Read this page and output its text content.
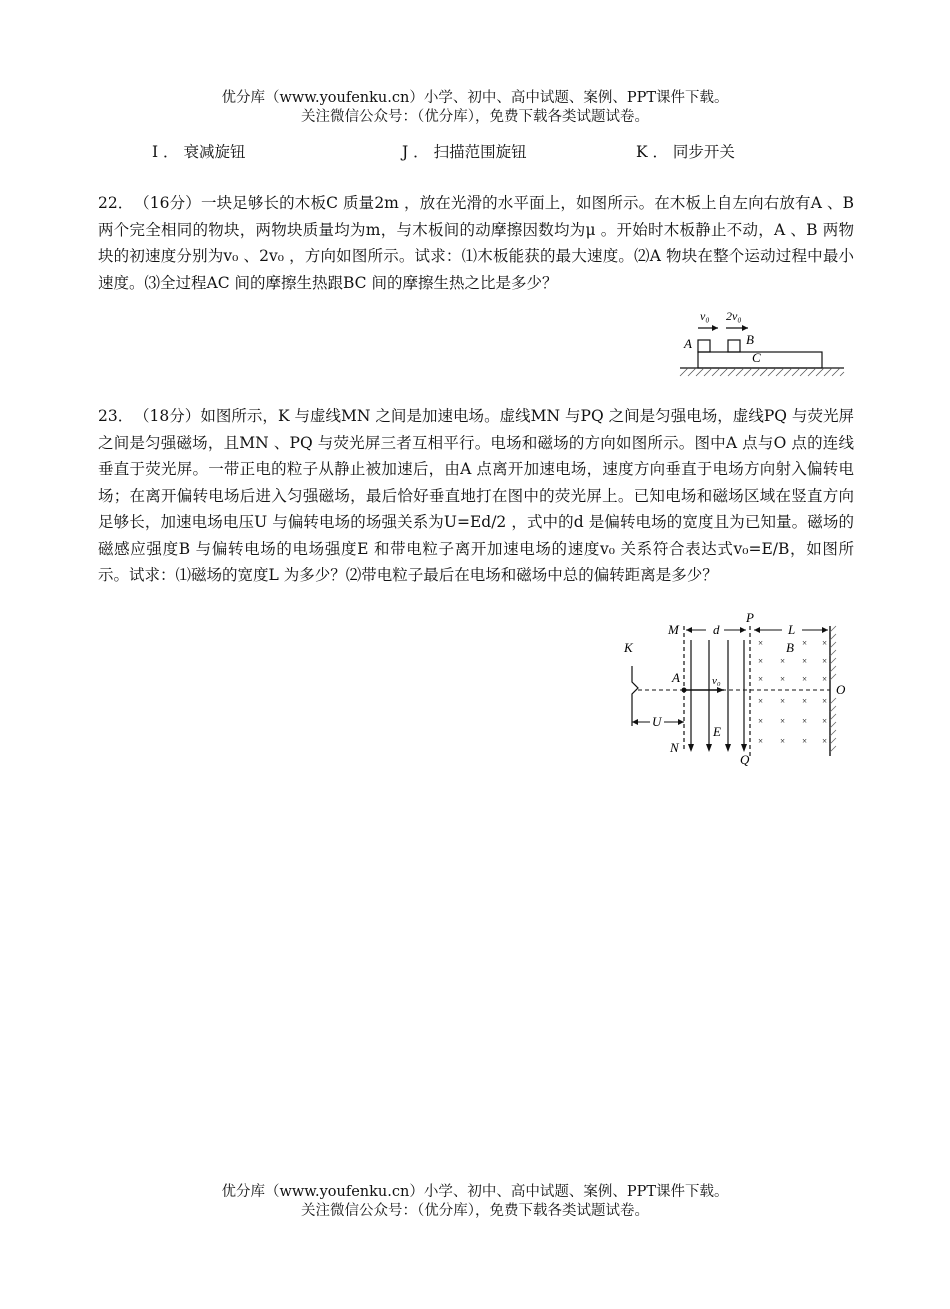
优分库（www.youfenku.cn）小学、初中、高中试题、案例、PPT课件下载。
关注微信公众号：（优分库），免费下载各类试题试卷。
I ． 衰减旋钮	J ． 扫描范围旋钮	K ． 同步开关

22．（16分）一块足够长的木板C 质量2m ，放在光滑的水平面上，如图所示。在木板上自左向右放有A 、B 两个完全相同的物块，两物块质量均为m，与木板间的动摩擦因数均为μ 。开始时木板静止不动，A 、B 两物块的初速度分别为v₀ 、2v₀ ，方向如图所示。试求：⑴木板能获的最大速度。⑵A 物块在整个运动过程中最小速度。⑶全过程AC 间的摩擦生热跟BC 间的摩擦生热之比是多少？

v₀ 2v₀
A	B
C

23．（18分）如图所示，K 与虚线MN 之间是加速电场。虚线MN 与PQ 之间是匀强电场，虚线PQ 与荧光屏之间是匀强磁场，且MN 、PQ 与荧光屏三者互相平行。电场和磁场的方向如图所示。图中A 点与O 点的连线垂直于荧光屏。一带正电的粒子从静止被加速后，由A 点离开加速电场，速度方向垂直于电场方向射入偏转电场；在离开偏转电场后进入匀强磁场，最后恰好垂直地打在图中的荧光屏上。已知电场和磁场区域在竖直方向足够长，加速电场电压U 与偏转电场的场强关系为U=Ed/2 ，式中的d 是偏转电场的宽度且为已知量。磁场的磁感应强度B 与偏转电场的电场强度E 和带电粒子离开加速电场的速度v₀ 关系符合表达式v₀=E/B，如图所示。试求：⑴磁场的宽度L 为多少？⑵带电粒子最后在电场和磁场中总的偏转距离是多少？

M	d
P
L
B
K
E
N
Q
U
A	v₀
O
×	× ×
× × × ×
× × × ×
× × × ×
× × × ×
× × × ×
优分库（www.youfenku.cn）小学、初中、高中试题、案例、PPT课件下载。
关注微信公众号：（优分库），免费下载各类试题试卷。
